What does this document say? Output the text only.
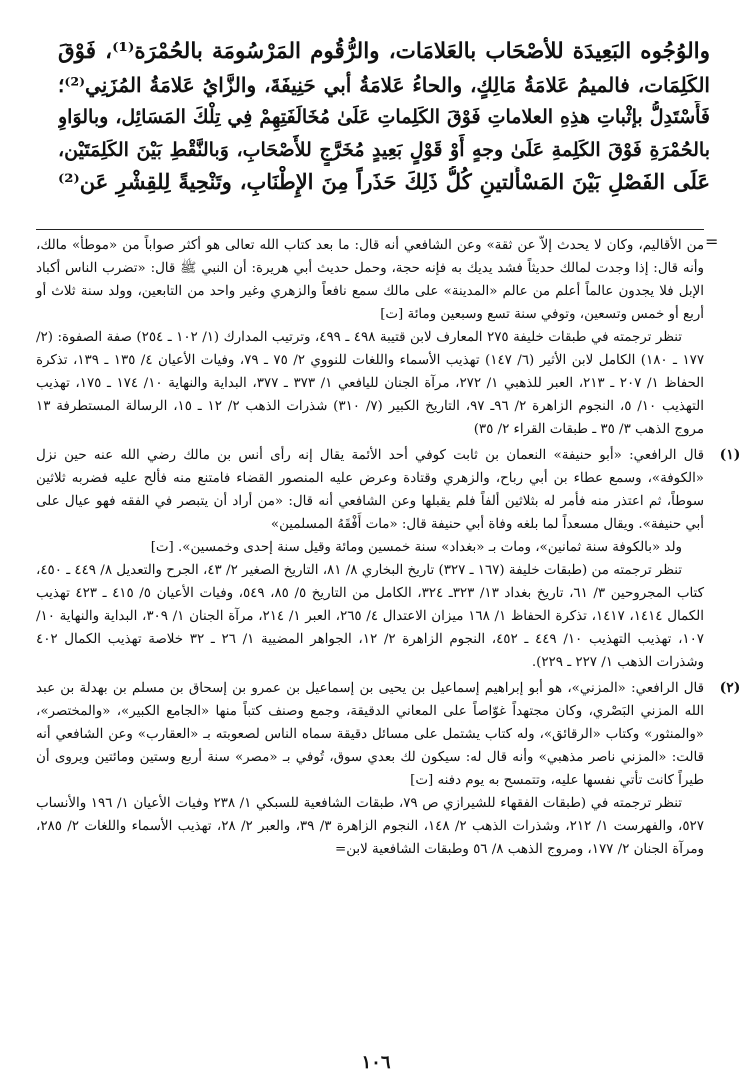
والوُجُوه البَعِيدَة للأصْحَاب بالعَلامَات، والرُّقُوم المَرْسُومَة بالحُمْرَة⁽¹⁾، فَوْقَ
الكَلِمَات، فالميمُ عَلامَةُ مَالِكٍ، والحاءُ عَلامَةُ أبي حَنِيفَةَ، والزَّايُ عَلامَةُ المُزَنِي⁽²⁾؛
فَأَسْتَدِلُّ بإثْباتِ هذِهِ العلاماتِ فَوْقَ الكَلِماتِ عَلَىٰ مُخَالَفَتِهِمْ فِي تِلْكَ المَسَائِل، وبالوَاوِ
بالحُمْرَةِ فَوْقَ الكَلِمةِ عَلَىٰ وجهٍ أَوْ قَوْلٍ بَعِيدٍ مُخَرَّجٍ للأَصْحَابِ، وَبالنَّقْطِ بَيْنَ الكَلِمَتَيْن،
عَلَى الفَصْلِ بَيْنَ المَسْأَلتينِ كُلُّ ذَلِكَ حَذَراً مِنَ الإِطْنَابِ، وتَنْحِيةً لِلقِشْرِ عَن⁽²⁾
=

من الأقاليم، وكان لا يحدث إلاّ عن ثقة» وعن الشافعي أنه قال: ما بعد كتاب الله تعالى هو أكثر صواباً من «موطأ» مالك، وأنه قال: إذا وجدت لمالك حديثاً فشد يديك به فإنه حجة، وحمل حديث أبي هريرة: أن النبي ﷺ قال: «تضرب الناس أكباد الإبل فلا يجدون عالماً أعلم من عالم «المدينة» على مالك سمع نافعاً والزهري وغير واحد من التابعين، وولد سنة ثلاث أو أربع أو خمس وتسعين، وتوفي سنة تسع وسبعين ومائة [ت]

تنظر ترجمته في طبقات خليفة ٢٧٥ المعارف لابن قتيبة ٤٩٨ ـ ٤٩٩، وترتيب المدارك (١/ ١٠٢ ـ ٢٥٤) صفة الصفوة: (٢/ ١٧٧ ـ ١٨٠) الكامل لابن الأثير (٦/ ١٤٧) تهذيب الأسماء واللغات للنووي ٢/ ٧٥ ـ ٧٩، وفيات الأعيان ٤/ ١٣٥ ـ ١٣٩، تذكرة الحفاظ ١/ ٢٠٧ ـ ٢١٣، العبر للذهبي ١/ ٢٧٢، مرآة الجنان لليافعي ١/ ٣٧٣ ـ ٣٧٧، البداية والنهاية ١٠/ ١٧٤ ـ ١٧٥، تهذيب التهذيب ١٠/ ٥، النجوم الزاهرة ٢/ ٩٦ـ ٩٧، التاريخ الكبير (٧/ ٣١٠) شذرات الذهب ٢/ ١٢ ـ ١٥، الرسالة المستطرفة ١٣ مروج الذهب ٣/ ٣٥ ـ طبقات القراء ٢/ ٣٥)

(١)

قال الرافعي: «أبو حنيفة» النعمان بن ثابت كوفي أحد الأئمة يقال إنه رأى أنس بن مالك رضي الله عنه حين نزل «الكوفة»، وسمع عطاء بن أبي رباح، والزهري وقتادة وعرض عليه المنصور القضاء فامتنع منه فألح عليه فضربه ثلاثين سوطاً، ثم اعتذر منه فأمر له بثلاثين ألفاً فلم يقبلها وعن الشافعي أنه قال: «من أراد أن يتبصر في الفقه فهو عيال على أبي حنيفة». ويقال مسعداً لما بلغه وفاة أبي حنيفة قال: «مات أَفْقَهُ المسلمين»

ولد «بالكوفة سنة ثمانين»، ومات بـ «بغداد» سنة خمسين ومائة وقيل سنة إحدى وخمسين». [ت]

تنظر ترجمته من (طبقات خليفة (١٦٧ ـ ٣٢٧) تاريخ البخاري ٨/ ٨١، التاريخ الصغير ٢/ ٤٣، الجرح والتعديل ٨/ ٤٤٩ ـ ٤٥٠، كتاب المجروحين ٣/ ٦١، تاريخ بغداد ١٣/ ٣٢٣ـ ٣٢٤، الكامل من التاريخ ٥/ ٨٥، ٥٤٩، وفيات الأعيان ٥/ ٤١٥ ـ ٤٢٣ تهذيب الكمال ١٤١٤، ١٤١٧، تذكرة الحفاظ ١/ ١٦٨ ميزان الاعتدال ٤/ ٢٦٥، العبر ١/ ٢١٤، مرآة الجنان ١/ ٣٠٩، البداية والنهاية ١٠/ ١٠٧، تهذيب التهذيب ١٠/ ٤٤٩ ـ ٤٥٢، النجوم الزاهرة ٢/ ١٢، الجواهر المضيية ١/ ٢٦ ـ ٣٢ خلاصة تهذيب الكمال ٤٠٢ وشذرات الذهب ١/ ٢٢٧ ـ ٢٢٩).

(٢)

قال الرافعي: «المزني»، هو أبو إبراهيم إسماعيل بن يحيى بن إسماعيل بن عمرو بن إسحاق بن مسلم بن بهدلة بن عبد الله المزني البَصْري، وكان مجتهداً غوّاصاً على المعاني الدقيقة، وجمع وصنف كتباً منها «الجامع الكبير»، «والمختصر»، «والمنثور» وكتاب «الرقائق»، وله كتاب يشتمل على مسائل دقيقة سماه الناس لصعوبته بـ «العقارب» وعن الشافعي أنه قالت: «المزني ناصر مذهبي» وأنه قال له: سيكون لك بعدي سوق، تُوفي بـ «مصر» سنة أربع وستين ومائتين ويروى أن طيراً كانت تأتي نفسها عليه، وتتمسح به يوم دفنه [ت]

تنظر ترجمته في (طبقات الفقهاء للشيرازي ص ٧٩، طبقات الشافعية للسبكي ١/ ٢٣٨ وفيات الأعيان ١/ ١٩٦ والأنساب ٥٢٧، والفهرست ١/ ٢١٢، وشذرات الذهب ٢/ ١٤٨، النجوم الزاهرة ٣/ ٣٩، والعبر ٢/ ٢٨، تهذيب الأسماء واللغات ٢/ ٢٨٥، ومرآة الجنان ٢/ ١٧٧، ومروج الذهب ٨/ ٥٦ وطبقات الشافعية لابن=

١٠٦
